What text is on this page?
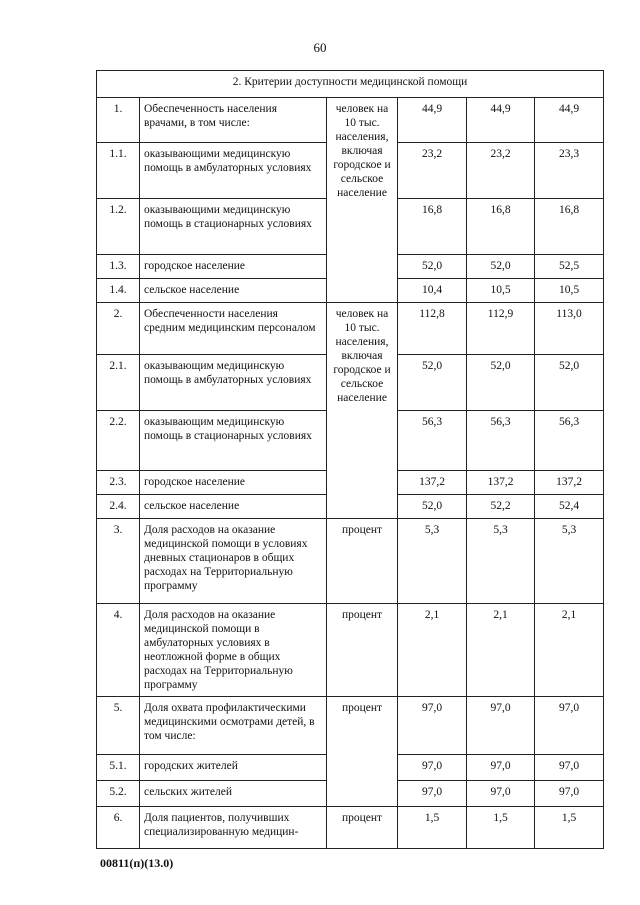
60
2. Критерии доступности медицинской помощи					
1.	Обеспеченность населения врачами, в том числе:	человек на 10 тыс. населения, включая городское и сельское население	44,9	44,9	44,9
1.1.	оказывающими медицинскую помощь в амбулаторных условиях		23,2	23,2	23,3
1.2.	оказывающими медицинскую помощь в стационарных условиях		16,8	16,8	16,8
1.3.	городское население		52,0	52,0	52,5
1.4.	сельское население		10,4	10,5	10,5
2.	Обеспеченности населения средним медицинским персоналом	человек на 10 тыс. населения, включая городское и сельское население	112,8	112,9	113,0
2.1.	оказывающим медицинскую помощь в амбулаторных условиях		52,0	52,0	52,0
2.2.	оказывающим медицинскую помощь в стационарных условиях		56,3	56,3	56,3
2.3.	городское население		137,2	137,2	137,2
2.4.	сельское население		52,0	52,2	52,4
3.	Доля расходов на оказание медицинской помощи в условиях дневных стационаров в общих расходах на Территориальную программу	процент	5,3	5,3	5,3
4.	Доля расходов на оказание медицинской помощи в амбулаторных условиях в неотложной форме в общих расходах на Территориальную программу	процент	2,1	2,1	2,1
5.	Доля охвата профилактическими медицинскими осмотрами детей, в том числе:	процент	97,0	97,0	97,0
5.1.	городских жителей		97,0	97,0	97,0
5.2.	сельских жителей		97,0	97,0	97,0
6.	Доля пациентов, получивших специализированную медицин-	процент	1,5	1,5	1,5
00811(п)(13.0)
